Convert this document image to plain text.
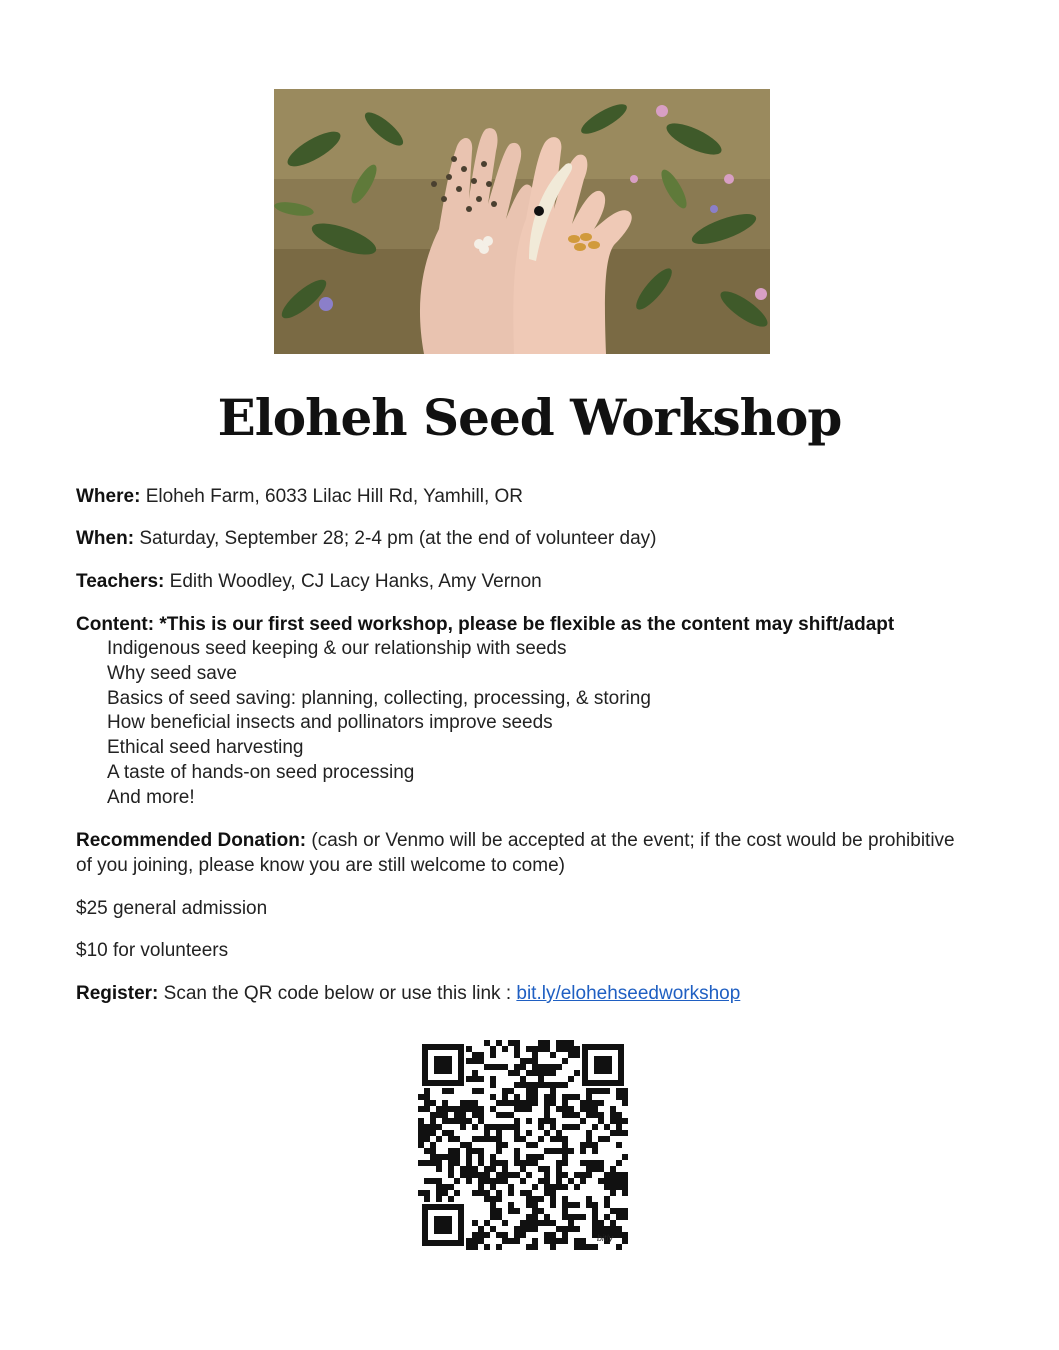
Eloheh Seed Workshop
Where: Eloheh Farm, 6033 Lilac Hill Rd, Yamhill, OR
When: Saturday, September 28; 2-4 pm (at the end of volunteer day)
Teachers: Edith Woodley, CJ Lacy Hanks, Amy Vernon
Content: *This is our first seed workshop, please be flexible as the content may shift/adapt
Indigenous seed keeping & our relationship with seeds
Why seed save
Basics of seed saving: planning, collecting, processing, & storing
How beneficial insects and pollinators improve seeds
Ethical seed harvesting
A taste of hands-on seed processing
And more!
Recommended Donation: (cash or Venmo will be accepted at the event; if the cost would be prohibitive of you joining, please know you are still welcome to come)
$25 general admission
$10 for volunteers
Register: Scan the QR code below or use this link : bit.ly/elohehseedworkshop
bitly
